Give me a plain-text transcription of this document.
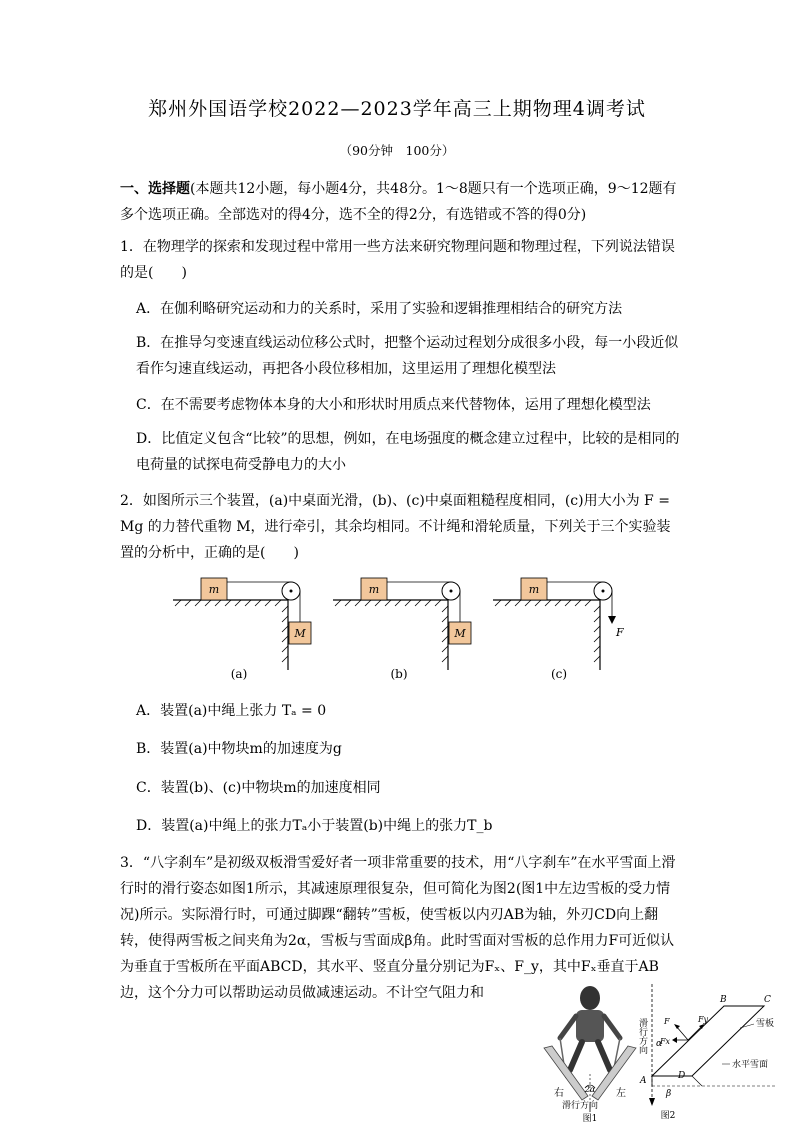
郑州外国语学校2022—2023学年高三上期物理4调考试
（90分钟　100分）
一、选择题(本题共12小题，每小题4分，共48分。1～8题只有一个选项正确，9～12题有多个选项正确。全部选对的得4分，选不全的得2分，有选错或不答的得0分)
1．在物理学的探索和发现过程中常用一些方法来研究物理问题和物理过程，下列说法错误的是(　　)
A．在伽利略研究运动和力的关系时，采用了实验和逻辑推理相结合的研究方法
B．在推导匀变速直线运动位移公式时，把整个运动过程划分成很多小段，每一小段近似看作匀速直线运动，再把各小段位移相加，这里运用了理想化模型法
C．在不需要考虑物体本身的大小和形状时用质点来代替物体，运用了理想化模型法
D．比值定义包含“比较”的思想，例如，在电场强度的概念建立过程中，比较的是相同的电荷量的试探电荷受静电力的大小
2．如图所示三个装置，(a)中桌面光滑，(b)、(c)中桌面粗糙程度相同，(c)用大小为 F = Mg 的力替代重物 M，进行牵引，其余均相同。不计绳和滑轮质量，下列关于三个实验装置的分析中，正确的是(　　)
m
M
(a)
m
M
(b)
m
F
(c)
A．装置(a)中绳上张力 Tₐ = 0
B．装置(a)中物块m的加速度为g
C．装置(b)、(c)中物块m的加速度相同
D．装置(a)中绳上的张力Tₐ小于装置(b)中绳上的张力T_b
3．“八字刹车”是初级双板滑雪爱好者一项非常重要的技术，用“八字刹车”在水平雪面上滑行时的滑行姿态如图1所示，其减速原理很复杂，但可简化为图2(图1中左边雪板的受力情况)所示。实际滑行时，可通过脚踝“翻转”雪板，使雪板以内刃AB为轴，外刃CD向上翻转，使得两雪板之间夹角为2α，雪板与雪面成β角。此时雪面对雪板的总作用力F可近似认为垂直于雪板所在平面ABCD，其水平、竖直分量分别记为Fₓ、F_y，其中Fₓ垂直于AB边，这个分力可以帮助运动员做减速运动。不计空气阻力和
2α
右	左
滑行方向
图1
滑行方向
A
B	C
D
α
β
F
Fx
Fy	雪板
水平雪面
图2
